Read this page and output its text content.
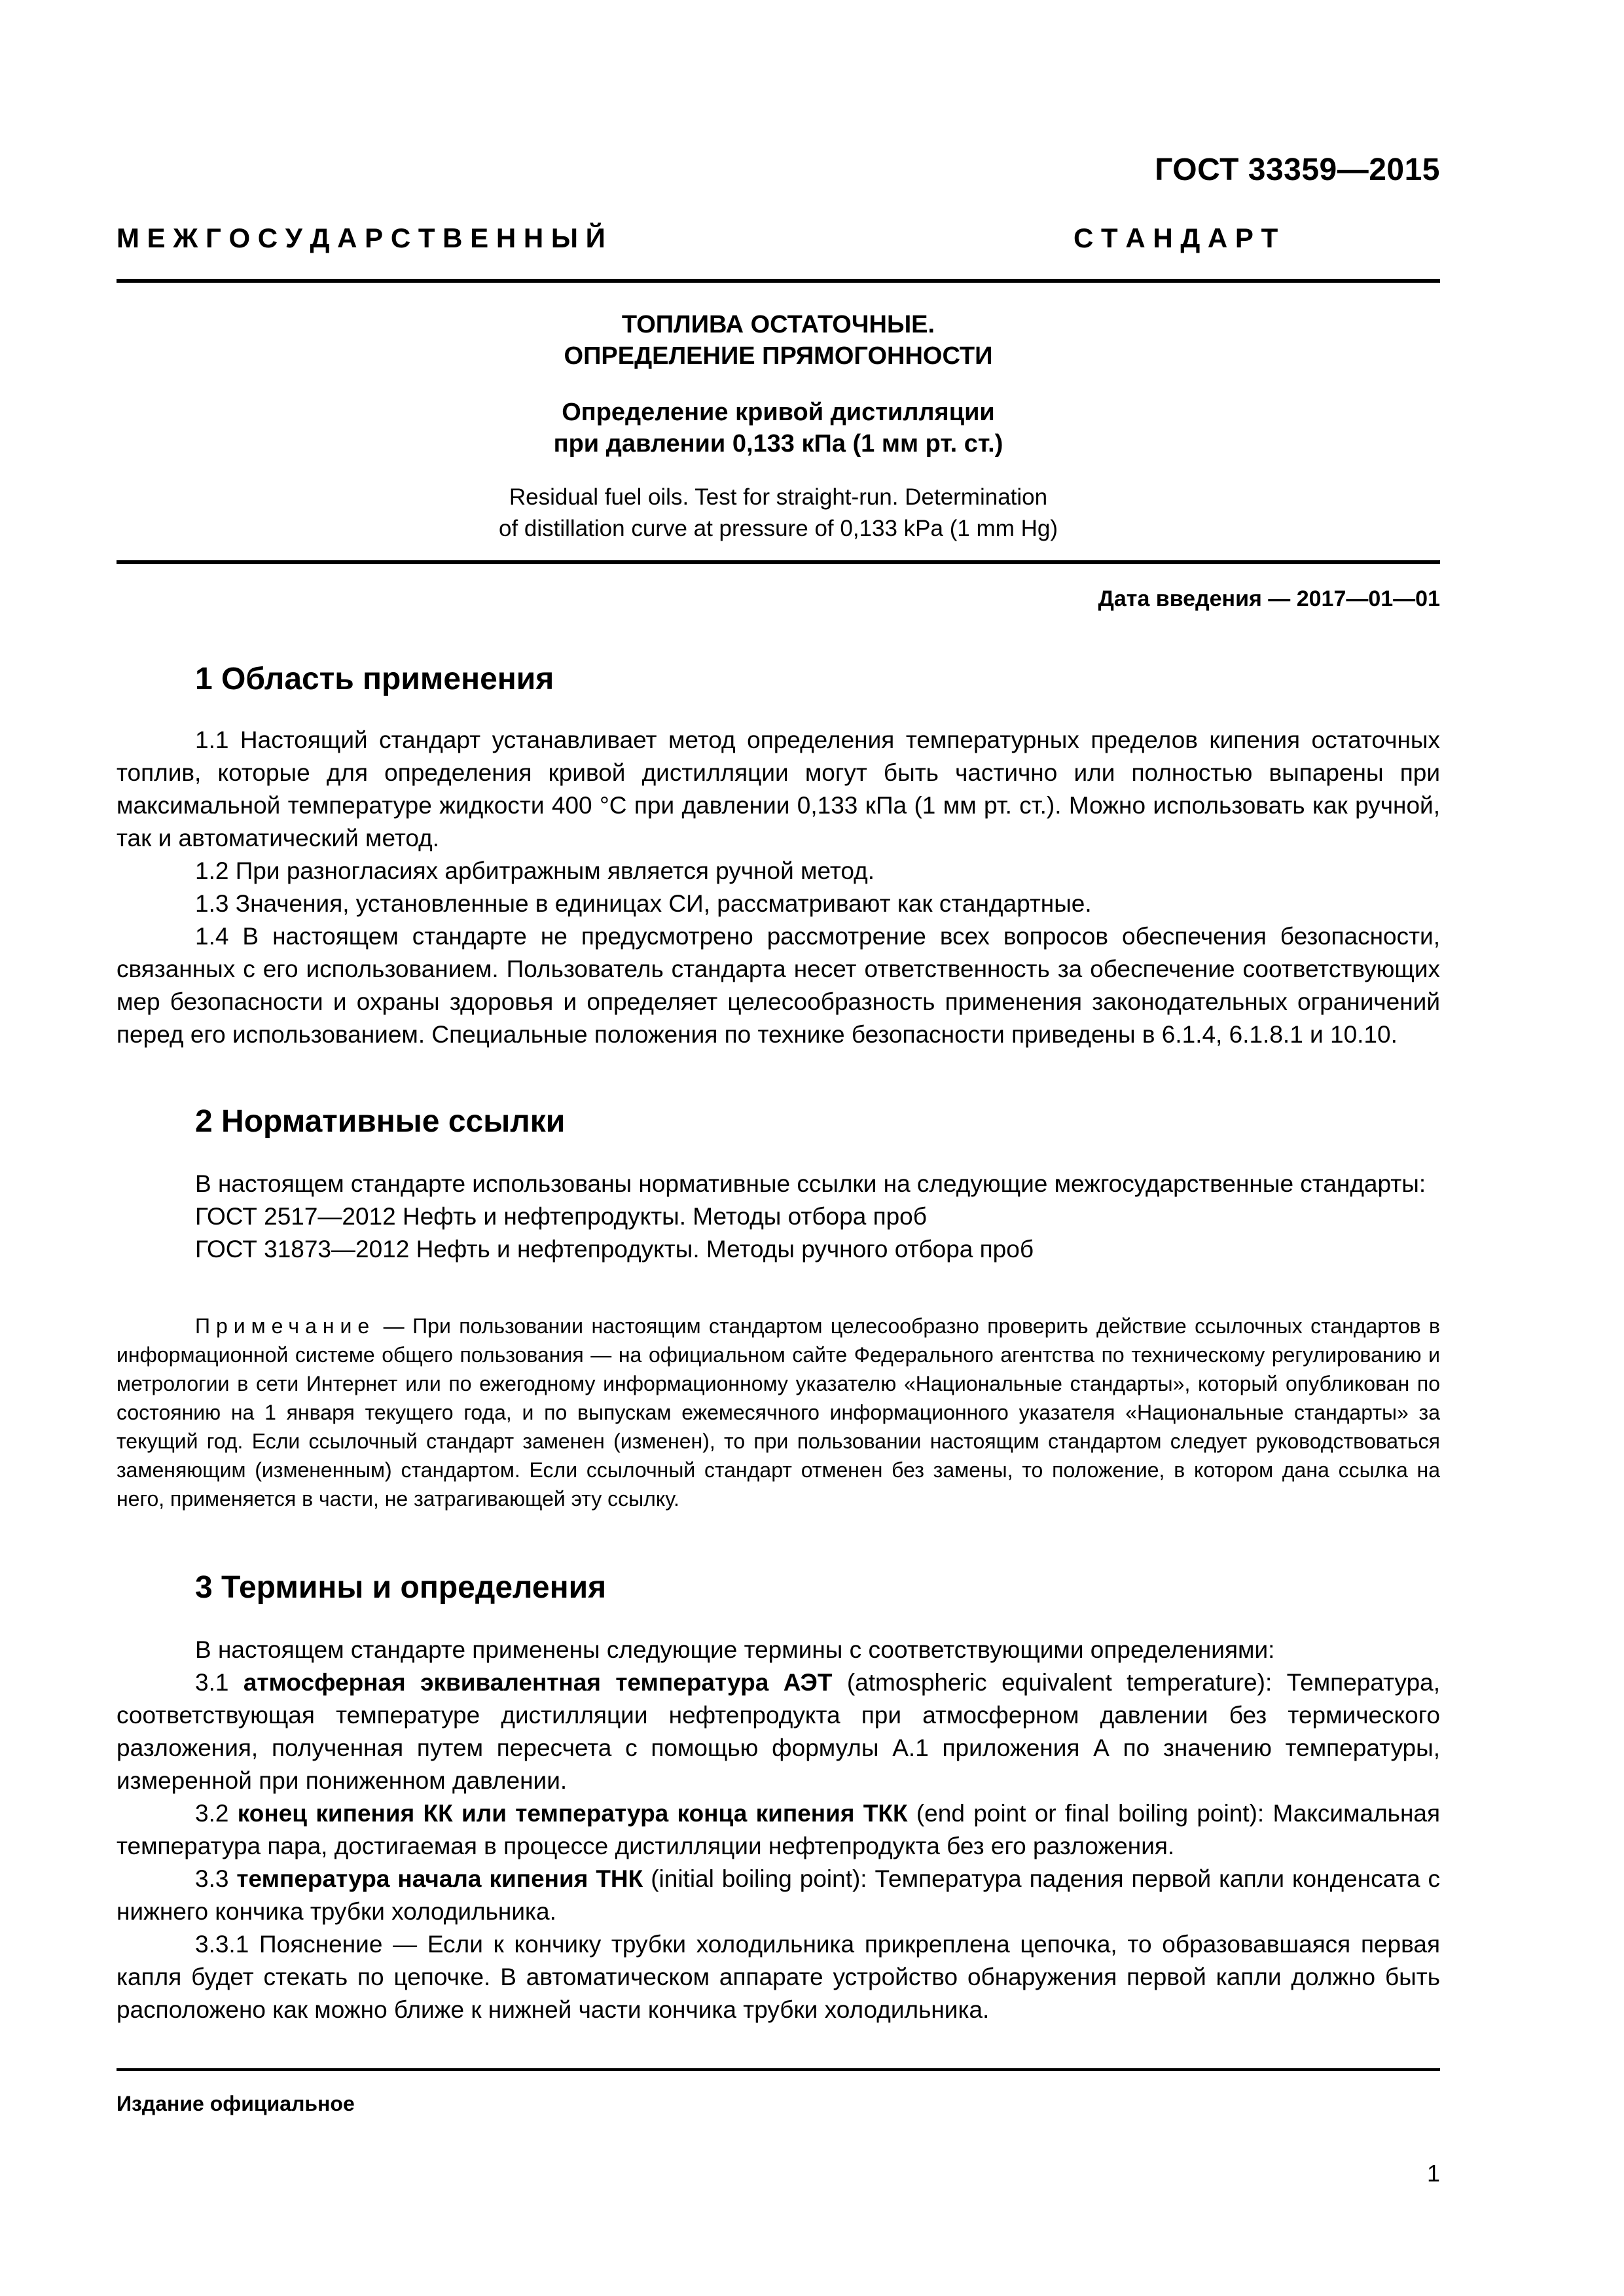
ГОСТ 33359—2015
М Е Ж Г О С У Д А Р С Т В Е Н Н Ы Й	С Т А Н Д А Р Т
ТОПЛИВА ОСТАТОЧНЫЕ.
ОПРЕДЕЛЕНИЕ ПРЯМОГОННОСТИ
Определение кривой дистилляции
при давлении 0,133 кПа (1 мм рт. ст.)
Residual fuel oils. Test for straight-run. Determination
of distillation curve at pressure of 0,133 kPa (1 mm Hg)
Дата введения — 2017—01—01
1 Область применения

1.1 Настоящий стандарт устанавливает метод определения температурных пределов кипения остаточных топлив, которые для определения кривой дистилляции могут быть частично или полностью выпарены при максимальной температуре жидкости 400 °С при давлении 0,133 кПа (1 мм рт. ст.). Можно использовать как ручной, так и автоматический метод.

1.2 При разногласиях арбитражным является ручной метод.

1.3 Значения, установленные в единицах СИ, рассматривают как стандартные.

1.4 В настоящем стандарте не предусмотрено рассмотрение всех вопросов обеспечения безопасности, связанных с его использованием. Пользователь стандарта несет ответственность за обеспечение соответствующих мер безопасности и охраны здоровья и определяет целесообразность применения законодательных ограничений перед его использованием. Специальные положения по технике безопасности приведены в 6.1.4, 6.1.8.1 и 10.10.

2 Нормативные ссылки

В настоящем стандарте использованы нормативные ссылки на следующие межгосударственные стандарты:

ГОСТ 2517—2012 Нефть и нефтепродукты. Методы отбора проб

ГОСТ 31873—2012 Нефть и нефтепродукты. Методы ручного отбора проб

Примечание — При пользовании настоящим стандартом целесообразно проверить действие ссылочных стандартов в информационной системе общего пользования — на официальном сайте Федерального агентства по техническому регулированию и метрологии в сети Интернет или по ежегодному информационному указателю «Национальные стандарты», который опубликован по состоянию на 1 января текущего года, и по выпускам ежемесячного информационного указателя «Национальные стандарты» за текущий год. Если ссылочный стандарт заменен (изменен), то при пользовании настоящим стандартом следует руководствоваться заменяющим (измененным) стандартом. Если ссылочный стандарт отменен без замены, то положение, в котором дана ссылка на него, применяется в части, не затрагивающей эту ссылку.

3 Термины и определения

В настоящем стандарте применены следующие термины с соответствующими определениями:

3.1 атмосферная эквивалентная температура АЭТ (atmospheric equivalent temperature): Температура, соответствующая температуре дистилляции нефтепродукта при атмосферном давлении без термического разложения, полученная путем пересчета с помощью формулы А.1 приложения А по значению температуры, измеренной при пониженном давлении.

3.2 конец кипения КК или температура конца кипения ТКК (end point or final boiling point): Максимальная температура пара, достигаемая в процессе дистилляции нефтепродукта без его разложения.

3.3 температура начала кипения ТНК (initial boiling point): Температура падения первой капли конденсата с нижнего кончика трубки холодильника.

3.3.1 Пояснение — Если к кончику трубки холодильника прикреплена цепочка, то образовавшаяся первая капля будет стекать по цепочке. В автоматическом аппарате устройство обнаружения первой капли должно быть расположено как можно ближе к нижней части кончика трубки холодильника.

Издание официальное
1
